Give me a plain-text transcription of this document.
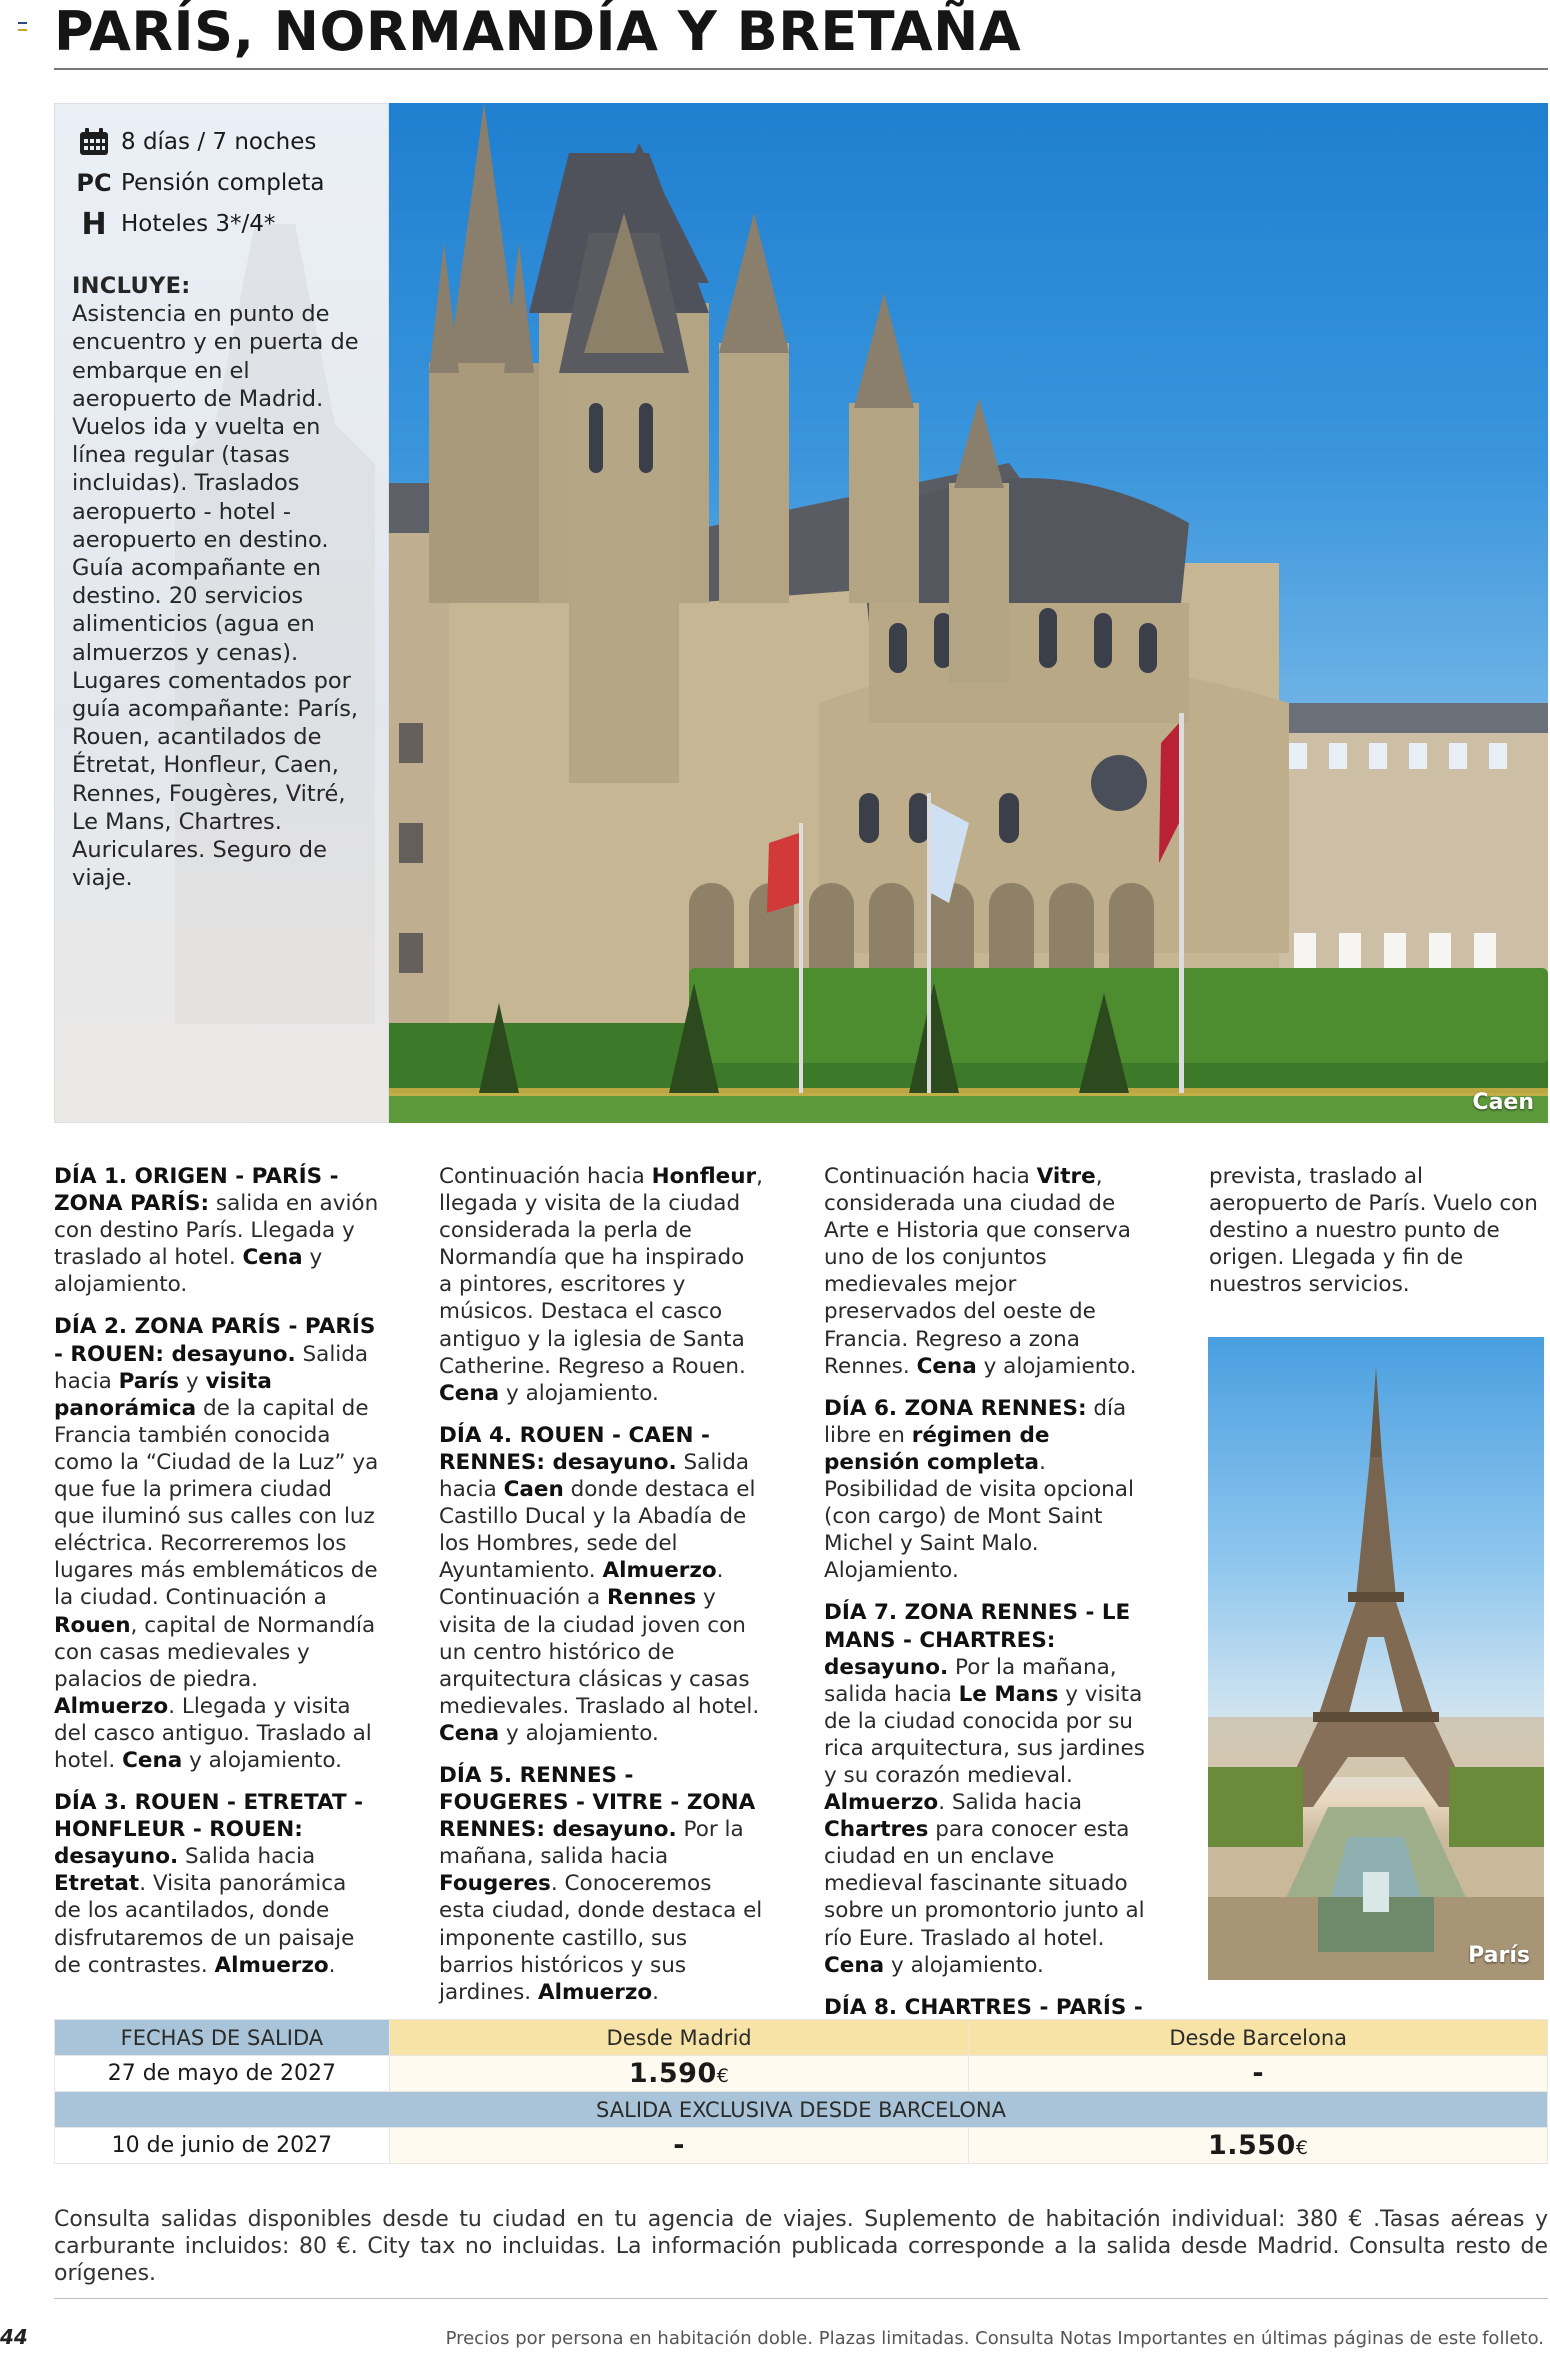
PARÍS, NORMANDÍA Y BRETAÑA
8 días / 7 noches
PC Pensión completa
H Hoteles 3*/4*
INCLUYE:

Asistencia en punto de encuentro y en puerta de embarque en el aeropuerto de Madrid. Vuelos ida y vuelta en línea regular (tasas incluidas). Traslados aeropuerto - hotel - aeropuerto en destino. Guía acompañante en destino. 20 servicios alimenticios (agua en almuerzos y cenas). Lugares comentados por guía acompañante: París, Rouen, acantilados de Étretat, Honfleur, Caen, Rennes, Fougères, Vitré, Le Mans, Chartres. Auriculares. Seguro de viaje.

Caen

DÍA 1. ORIGEN - PARÍS - ZONA PARÍS: salida en avión con destino París. Llegada y traslado al hotel. Cena y alojamiento.

DÍA 2. ZONA PARÍS - PARÍS - ROUEN: desayuno. Salida hacia París y visita panorámica de la capital de Francia también conocida como la “Ciudad de la Luz” ya que fue la primera ciudad que iluminó sus calles con luz eléctrica. Recorreremos los lugares más emblemáticos de la ciudad. Continuación a Rouen, capital de Normandía con casas medievales y palacios de piedra. Almuerzo. Llegada y visita del casco antiguo. Traslado al hotel. Cena y alojamiento.

DÍA 3. ROUEN - ETRETAT - HONFLEUR - ROUEN: desayuno. Salida hacia Etretat. Visita panorámica de los acantilados, donde disfrutaremos de un paisaje de contrastes. Almuerzo.

Continuación hacia Honfleur, llegada y visita de la ciudad considerada la perla de Normandía que ha inspirado a pintores, escritores y músicos. Destaca el casco antiguo y la iglesia de Santa Catherine. Regreso a Rouen. Cena y alojamiento.

DÍA 4. ROUEN - CAEN - RENNES: desayuno. Salida hacia Caen donde destaca el Castillo Ducal y la Abadía de los Hombres, sede del Ayuntamiento. Almuerzo. Continuación a Rennes y visita de la ciudad joven con un centro histórico de arquitectura clásicas y casas medievales. Traslado al hotel. Cena y alojamiento.

DÍA 5. RENNES - FOUGERES - VITRE - ZONA RENNES: desayuno. Por la mañana, salida hacia Fougeres. Conoceremos esta ciudad, donde destaca el imponente castillo, sus barrios históricos y sus jardines. Almuerzo.

Continuación hacia Vitre, considerada una ciudad de Arte e Historia que conserva uno de los conjuntos medievales mejor preservados del oeste de Francia. Regreso a zona Rennes. Cena y alojamiento.

DÍA 6. ZONA RENNES: día libre en régimen de pensión completa. Posibilidad de visita opcional (con cargo) de Mont Saint Michel y Saint Malo. Alojamiento.

DÍA 7. ZONA RENNES - LE MANS - CHARTRES: desayuno. Por la mañana, salida hacia Le Mans y visita de la ciudad conocida por su rica arquitectura, sus jardines y su corazón medieval. Almuerzo. Salida hacia Chartres para conocer esta ciudad en un enclave medieval fascinante situado sobre un promontorio junto al río Eure. Traslado al hotel. Cena y alojamiento.

DÍA 8. CHARTRES - PARÍS -

prevista, traslado al aeropuerto de París. Vuelo con destino a nuestro punto de origen. Llegada y fin de nuestros servicios.

París
FECHAS DE SALIDA	Desde Madrid	Desde Barcelona
27 de mayo de 2027	1.590€	-
SALIDA EXCLUSIVA DESDE BARCELONA		
10 de junio de 2027	-	1.550€

Consulta salidas disponibles desde tu ciudad en tu agencia de viajes. Suplemento de habitación individual: 380 € .Tasas aéreas y carburante incluidos: 80 €. City tax no incluidas. La información publicada corresponde a la salida desde Madrid. Consulta resto de orígenes.

44	Precios por persona en habitación doble. Plazas limitadas. Consulta Notas Importantes en últimas páginas de este folleto.
